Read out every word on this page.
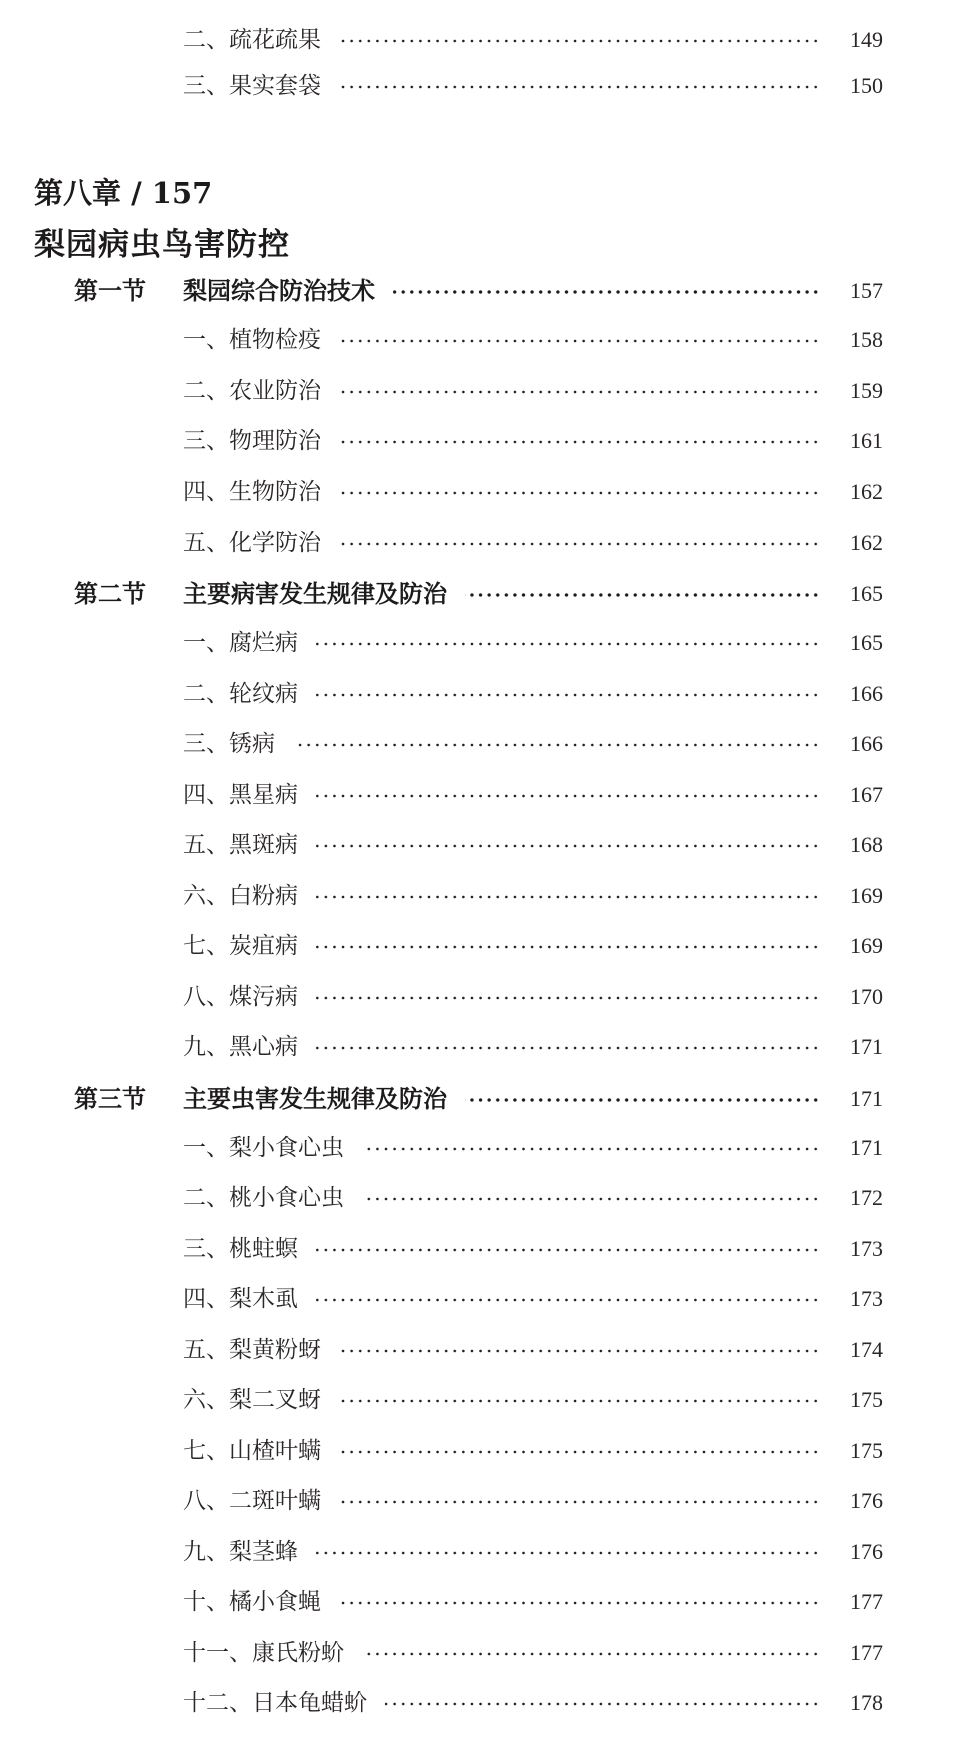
二、疏花疏果	149
三、果实套袋	150
第八章 / 157
梨园病虫鸟害防控
第一节 梨园综合防治技术	157
一、植物检疫	158
二、农业防治	159
三、物理防治	161
四、生物防治	162
五、化学防治	162
第二节 主要病害发生规律及防治	165
一、腐烂病	165
二、轮纹病	166
三、锈病	166
四、黑星病	167
五、黑斑病	168
六、白粉病	169
七、炭疽病	169
八、煤污病	170
九、黑心病	171
第三节 主要虫害发生规律及防治	171
一、梨小食心虫	171
二、桃小食心虫	172
三、桃蛀螟	173
四、梨木虱	173
五、梨黄粉蚜	174
六、梨二叉蚜	175
七、山楂叶螨	175
八、二斑叶螨	176
九、梨茎蜂	176
十、橘小食蝇	177
十一、康氏粉蚧	177
十二、日本龟蜡蚧	178
